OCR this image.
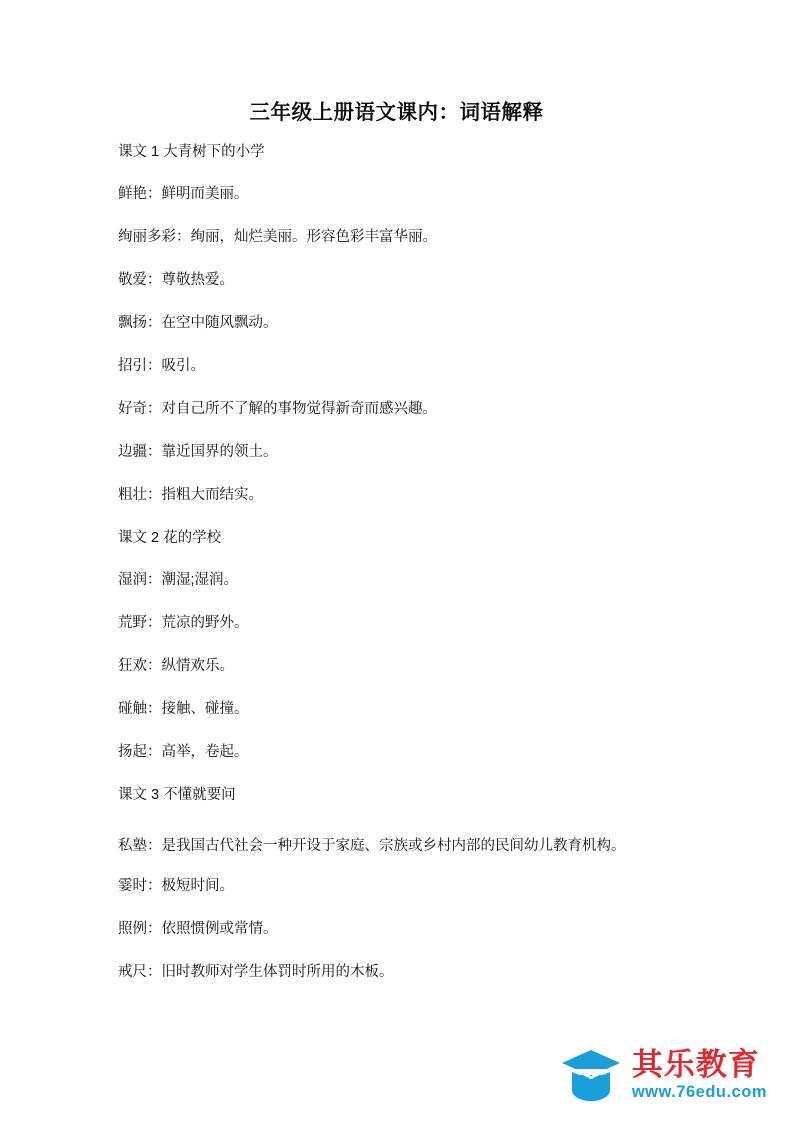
三年级上册语文课内：词语解释
课文 1 大青树下的小学
鲜艳：鲜明而美丽。
绚丽多彩：绚丽，灿烂美丽。形容色彩丰富华丽。
敬爱：尊敬热爱。
飘扬：在空中随风飘动。
招引：吸引。
好奇：对自己所不了解的事物觉得新奇而感兴趣。
边疆：靠近国界的领土。
粗壮：指粗大而结实。
课文 2 花的学校
湿润：潮湿;湿润。
荒野：荒凉的野外。
狂欢：纵情欢乐。
碰触：接触、碰撞。
扬起：高举，卷起。
课文 3 不懂就要问
私塾：是我国古代社会一种开设于家庭、宗族或乡村内部的民间幼儿教育机构。
霎时：极短时间。
照例：依照惯例或常情。
戒尺：旧时教师对学生体罚时所用的木板。
其乐教育
www.76edu.com
